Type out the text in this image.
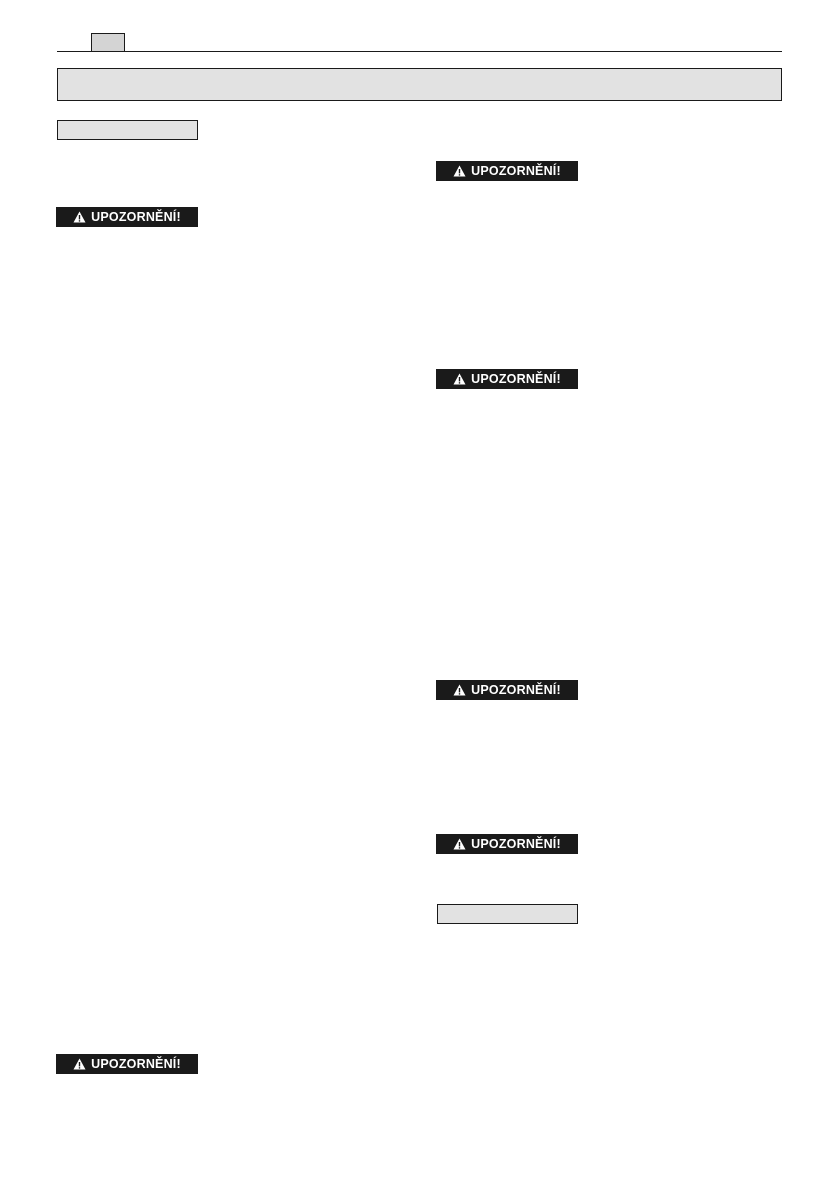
UPOZORNĚNÍ!
UPOZORNĚNÍ!
UPOZORNĚNÍ!
UPOZORNĚNÍ!
UPOZORNĚNÍ!
UPOZORNĚNÍ!
